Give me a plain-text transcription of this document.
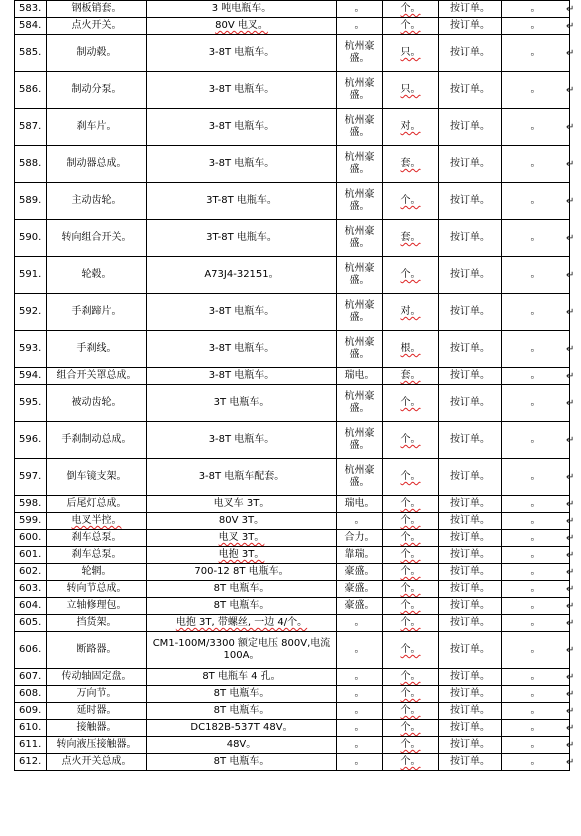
583.	钢板销套。	3 吨电瓶车。	。	个。	按订单。	。
584.	点火开关。	80V 电叉。	。	个。	按订单。	。
585.	制动毂。	3-8T 电瓶车。	杭州豪盛。	只。	按订单。	。
586.	制动分泵。	3-8T 电瓶车。	杭州豪盛。	只。	按订单。	。
587.	刹车片。	3-8T 电瓶车。	杭州豪盛。	对。	按订单。	。
588.	制动器总成。	3-8T 电瓶车。	杭州豪盛。	套。	按订单。	。
589.	主动齿轮。	3T-8T 电瓶车。	杭州豪盛。	个。	按订单。	。
590.	转向组合开关。	3T-8T 电瓶车。	杭州豪盛。	套。	按订单。	。
591.	轮毂。	A73J4-32151。	杭州豪盛。	个。	按订单。	。
592.	手刹蹄片。	3-8T 电瓶车。	杭州豪盛。	对。	按订单。	。
593.	手刹线。	3-8T 电瓶车。	杭州豪盛。	根。	按订单。	。
594.	组合开关罩总成。	3-8T 电瓶车。	瑞电。	套。	按订单。	。
595.	被动齿轮。	3T 电瓶车。	杭州豪盛。	个。	按订单。	。
596.	手刹制动总成。	3-8T 电瓶车。	杭州豪盛。	个。	按订单。	。
597.	倒车镜支架。	3-8T 电瓶车配套。	杭州豪盛。	个。	按订单。	。
598.	后尾灯总成。	电叉车 3T。	瑞电。	个。	按订单。	。
599.	电叉半控。	80V 3T。	。	个。	按订单。	。
600.	刹车总泵。	电叉 3T。	合力。	个。	按订单。	。
601.	刹车总泵。	电抱 3T。	靠瑞。	个。	按订单。	。
602.	轮辋。	700-12 8T 电瓶车。	豪盛。	个。	按订单。	。
603.	转向节总成。	8T 电瓶车。	豪盛。	个。	按订单。	。
604.	立轴修理包。	8T 电瓶车。	豪盛。	个。	按订单。	。
605.	挡货架。	电抱 3T, 带螺丝, 一边 4/个。	。	个。	按订单。	。
606.	断路器。	CM1-100M/3300 额定电压 800V,电流 100A。	。	个。	按订单。	。
607.	传动轴固定盘。	8T 电瓶车 4 孔。	。	个。	按订单。	。
608.	万向节。	8T 电瓶车。	。	个。	按订单。	。
609.	延时器。	8T 电瓶车。	。	个。	按订单。	。
610.	接触器。	DC182B-537T 48V。	。	个。	按订单。	。
611.	转向液压接触器。	48V。	。	个。	按订单。	。
612.	点火开关总成。	8T 电瓶车。	。	个。	按订单。	。
↵
↵
↵
↵
↵
↵
↵
↵
↵
↵
↵
↵
↵
↵
↵
↵
↵
↵
↵
↵
↵
↵
↵
↵
↵
↵
↵
↵
↵
↵
